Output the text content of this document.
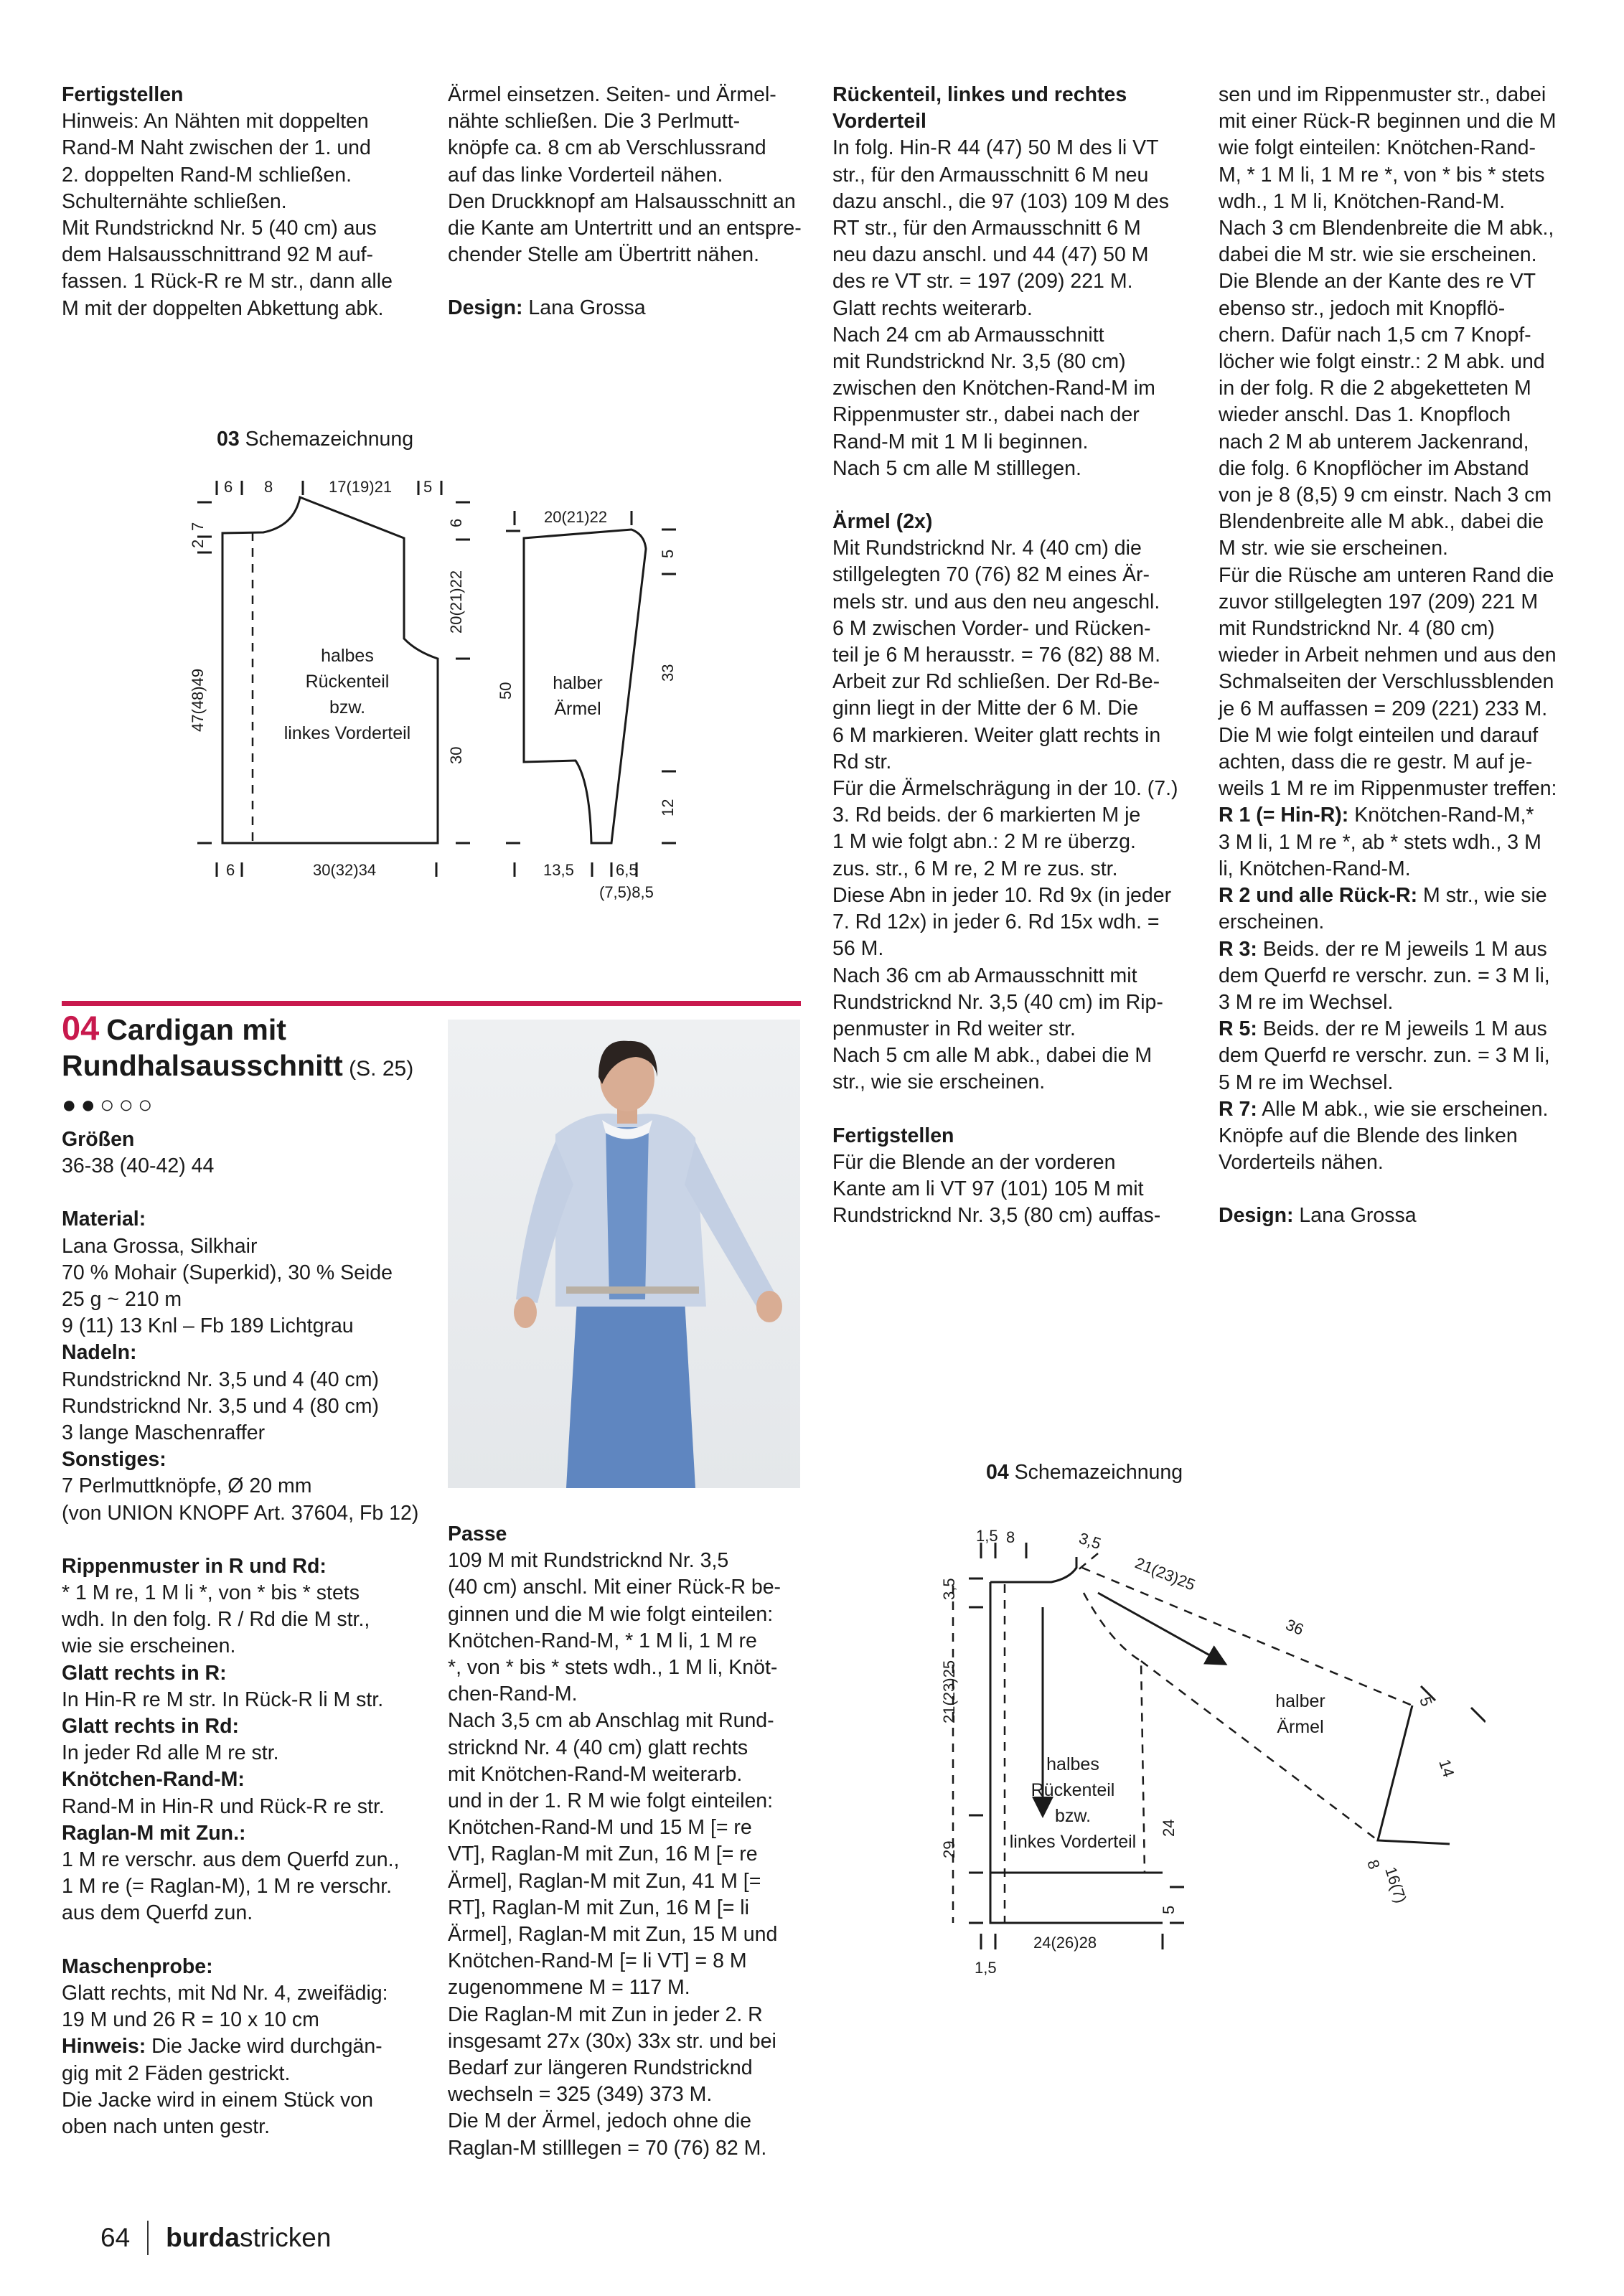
Fertigstellen

Hinweis: An Nähten mit doppelten

Rand-M Naht zwischen der 1. und

2. doppelten Rand-M schließen.

Schulternähte schließen.

Mit Rundstricknd Nr. 5 (40 cm) aus

dem Halsausschnittrand 92 M auf-

fassen. 1 Rück-R re M str., dann alle

M mit der doppelten Abkettung abk.

Ärmel einsetzen. Seiten- und Ärmel-

nähte schließen. Die 3 Perlmutt-

knöpfe ca. 8 cm ab Verschlussrand

auf das linke Vorderteil nähen.

Den Druckknopf am Halsausschnitt an

die Kante am Untertritt und an entspre-

chender Stelle am Übertritt nähen.

Design: Lana Grossa

03 Schemazeichnung
6 8	17(19)21 5
7
2
47(48)49
6
20(21)22
30
6	30(32)34
20(21)22
50
5
33
12
13,5	6,5
(7,5)8,5
halbes
Rückenteil
bzw.
linkes Vorderteil
halber
Ärmel
04 Cardigan mit
Rundhalsausschnitt (S. 25)
●●○○○

Größen

36-38 (40-42) 44

Material:

Lana Grossa, Silkhair

70 % Mohair (Superkid), 30 % Seide

25 g ~ 210 m

9 (11) 13 Knl – Fb 189 Lichtgrau

Nadeln:

Rundstricknd Nr. 3,5 und 4 (40 cm)

Rundstricknd Nr. 3,5 und 4 (80 cm)

3 lange Maschenraffer

Sonstiges:

7 Perlmuttknöpfe, Ø 20 mm

(von UNION KNOPF Art. 37604, Fb 12)

Rippenmuster in R und Rd:

* 1 M re, 1 M li *, von * bis * stets

wdh. In den folg. R / Rd die M str.,

wie sie erscheinen.

Glatt rechts in R:

In Hin-R re M str. In Rück-R li M str.

Glatt rechts in Rd:

In jeder Rd alle M re str.

Knötchen-Rand-M:

Rand-M in Hin-R und Rück-R re str.

Raglan-M mit Zun.:

1 M re verschr. aus dem Querfd zun.,

1 M re (= Raglan-M), 1 M re verschr.

aus dem Querfd zun.

Maschenprobe:

Glatt rechts, mit Nd Nr. 4, zweifädig:

19 M und 26 R = 10 x 10 cm

Hinweis: Die Jacke wird durchgän-

gig mit 2 Fäden gestrickt.

Die Jacke wird in einem Stück von

oben nach unten gestr.

Passe

109 M mit Rundstricknd Nr. 3,5

(40 cm) anschl. Mit einer Rück-R be-

ginnen und die M wie folgt einteilen:

Knötchen-Rand-M, * 1 M li, 1 M re

*, von * bis * stets wdh., 1 M li, Knöt-

chen-Rand-M.

Nach 3,5 cm ab Anschlag mit Rund-

stricknd Nr. 4 (40 cm) glatt rechts

mit Knötchen-Rand-M weiterarb.

und in der 1. R M wie folgt einteilen:

Knötchen-Rand-M und 15 M [= re

VT], Raglan-M mit Zun, 16 M [= re

Ärmel], Raglan-M mit Zun, 41 M [=

RT], Raglan-M mit Zun, 16 M [= li

Ärmel], Raglan-M mit Zun, 15 M und

Knötchen-Rand-M [= li VT] = 8 M

zugenommene M = 117 M.

Die Raglan-M mit Zun in jeder 2. R

insgesamt 27x (30x) 33x str. und bei

Bedarf zur längeren Rundstricknd

wechseln = 325 (349) 373 M.

Die M der Ärmel, jedoch ohne die

Raglan-M stilllegen = 70 (76) 82 M.

Rückenteil, linkes und rechtes

Vorderteil

In folg. Hin-R 44 (47) 50 M des li VT

str., für den Armausschnitt 6 M neu

dazu anschl., die 97 (103) 109 M des

RT str., für den Armausschnitt 6 M

neu dazu anschl. und 44 (47) 50 M

des re VT str. = 197 (209) 221 M.

Glatt rechts weiterarb.

Nach 24 cm ab Armausschnitt

mit Rundstricknd Nr. 3,5 (80 cm)

zwischen den Knötchen-Rand-M im

Rippenmuster str., dabei nach der

Rand-M mit 1 M li beginnen.

Nach 5 cm alle M stilllegen.

Ärmel (2x)

Mit Rundstricknd Nr. 4 (40 cm) die

stillgelegten 70 (76) 82 M eines Är-

mels str. und aus den neu angeschl.

6 M zwischen Vorder- und Rücken-

teil je 6 M herausstr. = 76 (82) 88 M.

Arbeit zur Rd schließen. Der Rd-Be-

ginn liegt in der Mitte der 6 M. Die

6 M markieren. Weiter glatt rechts in

Rd str.

Für die Ärmelschrägung in der 10. (7.)

3. Rd beids. der 6 markierten M je

1 M wie folgt abn.: 2 M re überzg.

zus. str., 6 M re, 2 M re zus. str.

Diese Abn in jeder 10. Rd 9x (in jeder

7. Rd 12x) in jeder 6. Rd 15x wdh. =

56 M.

Nach 36 cm ab Armausschnitt mit

Rundstricknd Nr. 3,5 (40 cm) im Rip-

penmuster in Rd weiter str.

Nach 5 cm alle M abk., dabei die M

str., wie sie erscheinen.

Fertigstellen

Für die Blende an der vorderen

Kante am li VT 97 (101) 105 M mit

Rundstricknd Nr. 3,5 (80 cm) auffas-

sen und im Rippenmuster str., dabei

mit einer Rück-R beginnen und die M

wie folgt einteilen: Knötchen-Rand-

M, * 1 M li, 1 M re *, von * bis * stets

wdh., 1 M li, Knötchen-Rand-M.

Nach 3 cm Blendenbreite die M abk.,

dabei die M str. wie sie erscheinen.

Die Blende an der Kante des re VT

ebenso str., jedoch mit Knopflö-

chern. Dafür nach 1,5 cm 7 Knopf-

löcher wie folgt einstr.: 2 M abk. und

in der folg. R die 2 abgeketteten M

wieder anschl. Das 1. Knopfloch

nach 2 M ab unterem Jackenrand,

die folg. 6 Knopflöcher im Abstand

von je 8 (8,5) 9 cm einstr. Nach 3 cm

Blendenbreite alle M abk., dabei die

M str. wie sie erscheinen.

Für die Rüsche am unteren Rand die

zuvor stillgelegten 197 (209) 221 M

mit Rundstricknd Nr. 4 (80 cm)

wieder in Arbeit nehmen und aus den

Schmalseiten der Verschlussblenden

je 6 M auffassen = 209 (221) 233 M.

Die M wie folgt einteilen und darauf

achten, dass die re gestr. M auf je-

weils 1 M re im Rippenmuster treffen:

R 1 (= Hin-R): Knötchen-Rand-M,*

3 M li, 1 M re *, ab * stets wdh., 3 M

li, Knötchen-Rand-M.

R 2 und alle Rück-R: M str., wie sie

erscheinen.

R 3: Beids. der re M jeweils 1 M aus

dem Querfd re verschr. zun. = 3 M li,

3 M re im Wechsel.

R 5: Beids. der re M jeweils 1 M aus

dem Querfd re verschr. zun. = 3 M li,

5 M re im Wechsel.

R 7: Alle M abk., wie sie erscheinen.

Knöpfe auf die Blende des linken

Vorderteils nähen.

Design: Lana Grossa

04 Schemazeichnung
1,5 8	3,5
21(23)25
36
3,5
21(23)25
29
24
5
5
14
16(7)
8
24(26)28
1,5
halbes
Rückenteil
bzw.
linkes Vorderteil
halber
Ärmel
64 burdastricken
